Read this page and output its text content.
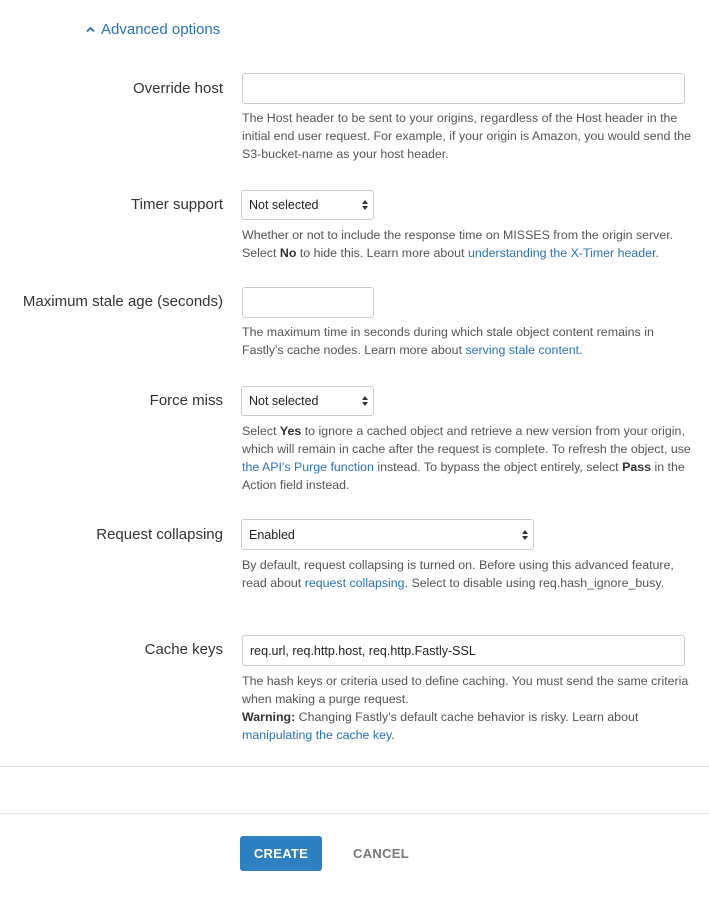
Advanced options
Override host
The Host header to be sent to your origins, regardless of the Host header in the initial end user request. For example, if your origin is Amazon, you would send the S3-bucket-name as your host header.
Timer support Not selected
Whether or not to include the response time on MISSES from the origin server. Select No to hide this. Learn more about understanding the X-Timer header.
Maximum stale age (seconds)
The maximum time in seconds during which stale object content remains in Fastly's cache nodes. Learn more about serving stale content.
Force miss Not selected
Select Yes to ignore a cached object and retrieve a new version from your origin, which will remain in cache after the request is complete. To refresh the object, use the API's Purge function instead. To bypass the object entirely, select Pass in the Action field instead.
Request collapsing Enabled
By default, request collapsing is turned on. Before using this advanced feature, read about request collapsing. Select to disable using req.hash_ignore_busy.
Cache keys
req.url, req.http.host, req.http.Fastly-SSL
The hash keys or criteria used to define caching. You must send the same criteria when making a purge request.
Warning: Changing Fastly's default cache behavior is risky. Learn about manipulating the cache key.
CREATE	CANCEL
